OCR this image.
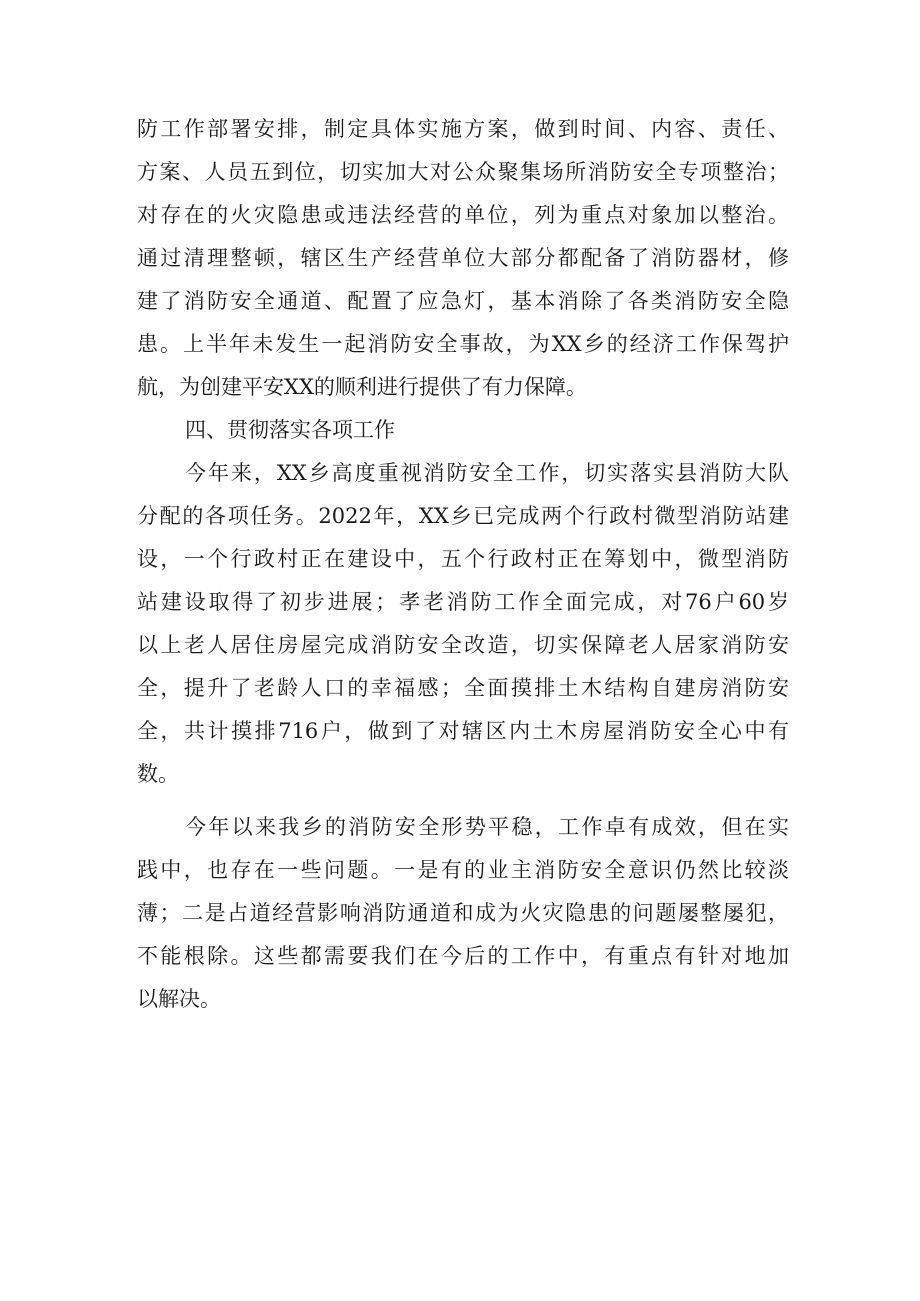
防工作部署安排，制定具体实施方案，做到时间、内容、责任、
方案、人员五到位，切实加大对公众聚集场所消防安全专项整治；
对存在的火灾隐患或违法经营的单位，列为重点对象加以整治。
通过清理整顿，辖区生产经营单位大部分都配备了消防器材，修
建了消防安全通道、配置了应急灯，基本消除了各类消防安全隐
患。上半年未发生一起消防安全事故，为XX乡的经济工作保驾护
航，为创建平安XX的顺利进行提供了有力保障。
四、贯彻落实各项工作
今年来，XX乡高度重视消防安全工作，切实落实县消防大队
分配的各项任务。2022年，XX乡已完成两个行政村微型消防站建
设，一个行政村正在建设中，五个行政村正在筹划中，微型消防
站建设取得了初步进展；孝老消防工作全面完成，对76户60岁
以上老人居住房屋完成消防安全改造，切实保障老人居家消防安
全，提升了老龄人口的幸福感；全面摸排土木结构自建房消防安
全，共计摸排716户，做到了对辖区内土木房屋消防安全心中有
数。
今年以来我乡的消防安全形势平稳，工作卓有成效，但在实
践中，也存在一些问题。一是有的业主消防安全意识仍然比较淡
薄；二是占道经营影响消防通道和成为火灾隐患的问题屡整屡犯，
不能根除。这些都需要我们在今后的工作中，有重点有针对地加
以解决。
